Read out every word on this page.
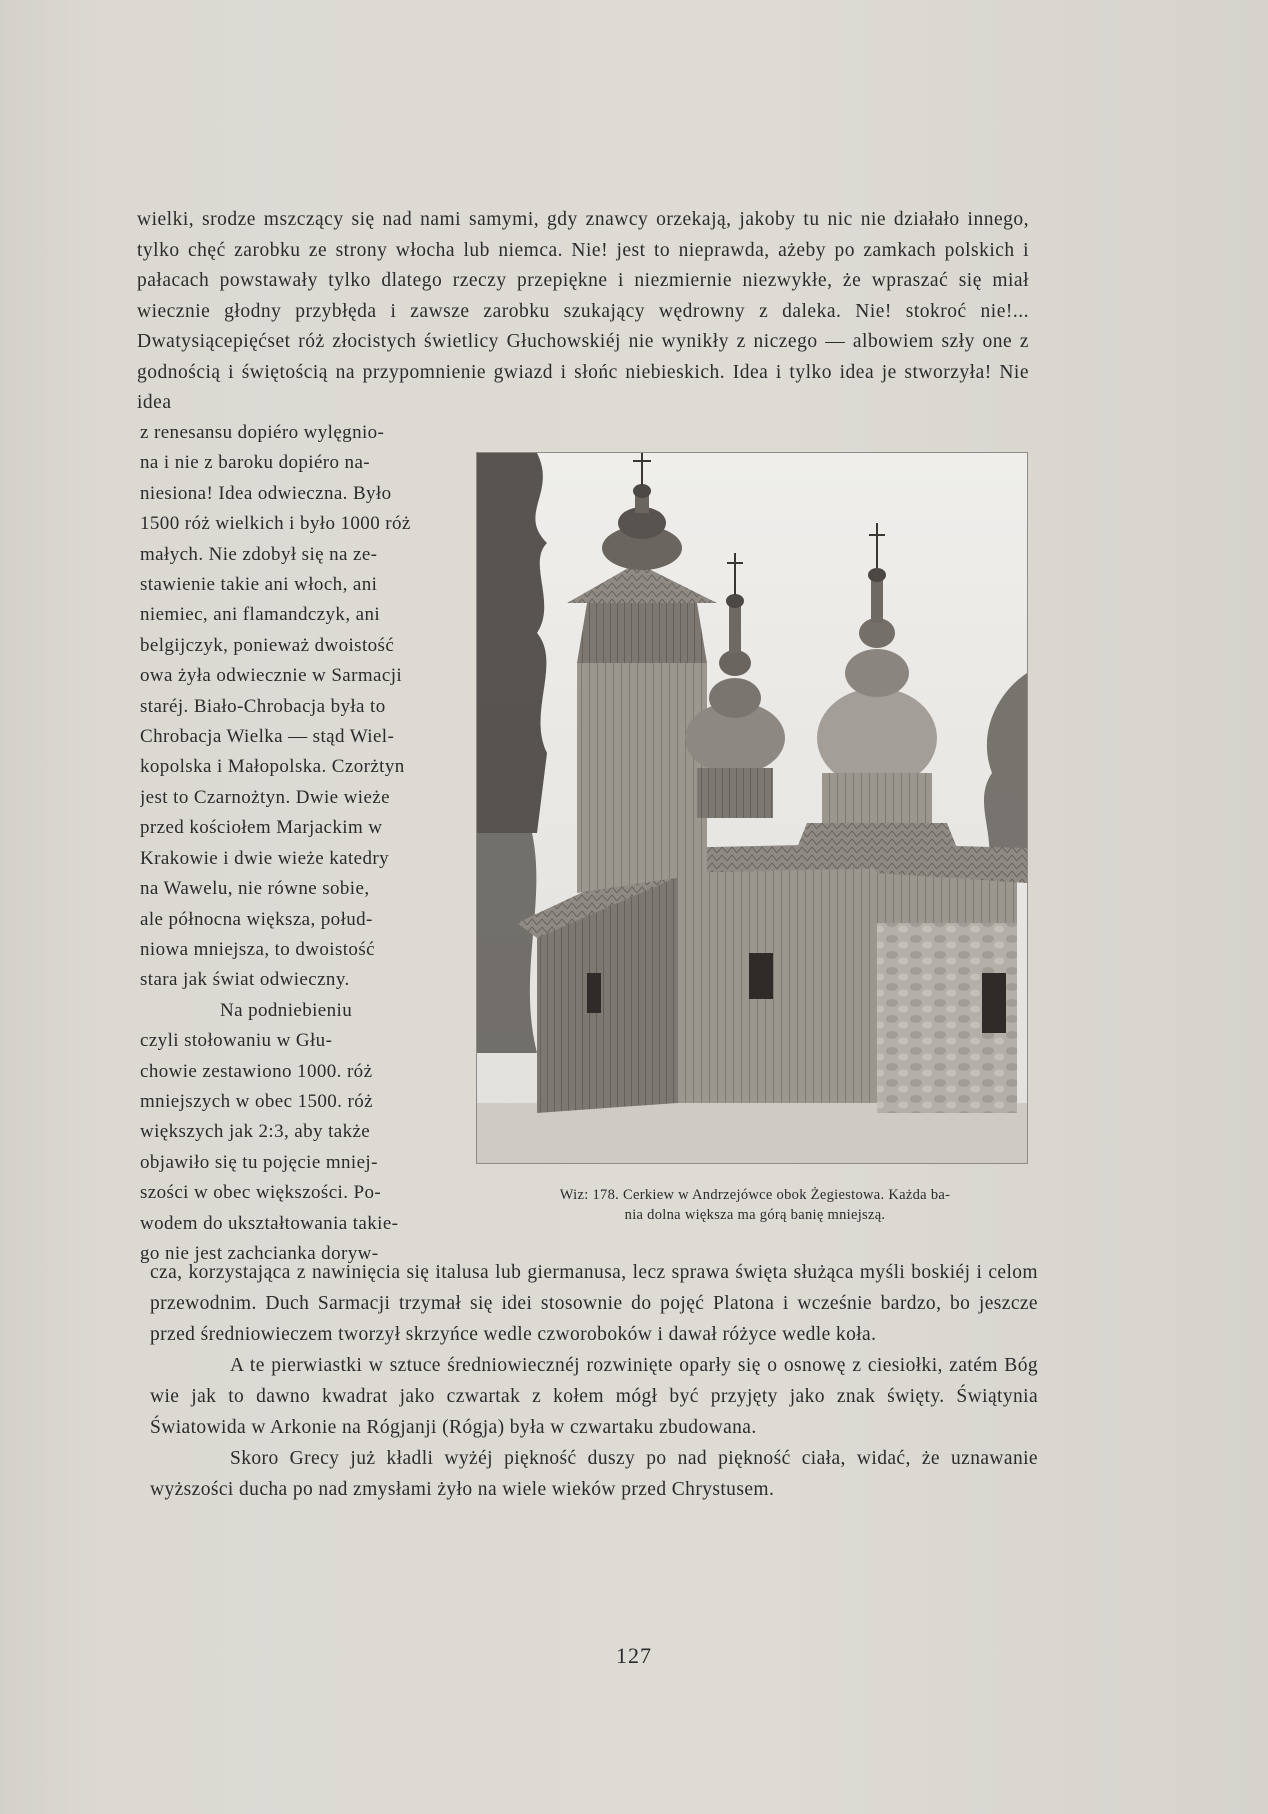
wielki, srodze mszczący się nad nami samymi, gdy znawcy orzekają, jakoby tu nic nie działało innego, tylko chęć zarobku ze strony włocha lub niemca. Nie! jest to nieprawda, ażeby po zamkach polskich i pałacach powstawały tylko dlatego rzeczy przepiękne i niezmiernie niezwykłe, że wpraszać się miał wiecznie głodny przybłęda i zawsze zarobku szukający wędrowny z daleka. Nie! stokroć nie!... Dwatysiącepięćset róż złocistych świetlicy Głuchowskiéj nie wynikły z niczego — albowiem szły one z godnością i świętością na przypomnienie gwiazd i słońc niebieskich. Idea i tylko idea je stworzyła! Nie idea
z renesansu dopiéro wylęgnio-
na i nie z baroku dopiéro na-
niesiona! Idea odwieczna. Było
1500 róż wielkich i było 1000 róż
małych. Nie zdobył się na ze-
stawienie takie ani włoch, ani
niemiec, ani flamandczyk, ani
belgijczyk, ponieważ dwoistość
owa żyła odwiecznie w Sarmacji
staréj. Biało-Chrobacja była to
Chrobacja Wielka — stąd Wiel-
kopolska i Małopolska. Czorżtyn
jest to Czarnożtyn. Dwie wieże
przed kościołem Marjackim w
Krakowie i dwie wieże katedry
na Wawelu, nie równe sobie,
ale północna większa, połud-
niowa mniejsza, to dwoistość
stara jak świat odwieczny.
Na podniebieniu
czyli stołowaniu w Głu-
chowie zestawiono 1000. róż
mniejszych w obec 1500. róż
większych jak 2:3, aby także
objawiło się tu pojęcie mniej-
szości w obec większości. Po-
wodem do ukształtowania takie-
go nie jest zachcianka doryw-
Wiz: 178. Cerkiew w Andrzejówce obok Żegiestowa. Każda ba-
nia dolna większa ma górą banię mniejszą.

cza, korzystająca z nawinięcia się italusa lub giermanusa, lecz sprawa święta służąca myśli boskiéj i celom przewodnim. Duch Sarmacji trzymał się idei stosownie do pojęć Platona i wcześnie bardzo, bo jeszcze przed średniowieczem tworzył skrzyńce wedle czworoboków i dawał różyce wedle koła.

A te pierwiastki w sztuce średniowiecznéj rozwinięte oparły się o osnowę z ciesiołki, zatém Bóg wie jak to dawno kwadrat jako czwartak z kołem mógł być przyjęty jako znak święty. Świątynia Światowida w Arkonie na Rógjanji (Rógja) była w czwartaku zbudowana.

Skoro Grecy już kładli wyżéj piękność duszy po nad piękność ciała, widać, że uznawanie wyższości ducha po nad zmysłami żyło na wiele wieków przed Chrystusem.

127
